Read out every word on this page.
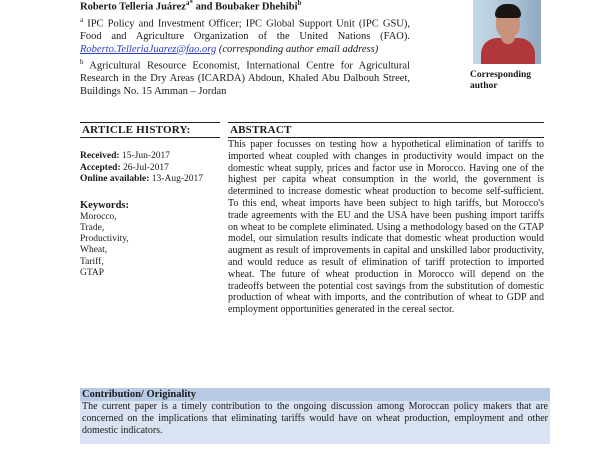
Roberto Telleria Juárez$^{a*}$ and Boubaker Dhehibi$^b$

$^a$ IPC Policy and Investment Officer; IPC Global Support Unit (IPC GSU), Food and Agriculture Organization of the United Nations (FAO). Roberto.TelleriaJuarez@fao.org (corresponding author email address)

$^b$ Agricultural Resource Economist, International Centre for Agricultural Research in the Dry Areas (ICARDA) Abdoun, Khaled Abu Dalbouh Street, Buildings No. 15 Amman – Jordan

Corresponding author
ARTICLE HISTORY:
Received: 15-Jun-2017
Accepted: 26-Jul-2017
Online available: 13-Aug-2017
Keywords:
Morocco,
Trade,
Productivity,
Wheat,
Tariff,
GTAP
ABSTRACT
This paper focusses on testing how a hypothetical elimination of tariffs to imported wheat coupled with changes in productivity would impact on the domestic wheat supply, prices and factor use in Morocco. Having one of the highest per capita wheat consumption in the world, the government is determined to increase domestic wheat production to become self-sufficient. To this end, wheat imports have been subject to high tariffs, but Morocco's trade agreements with the EU and the USA have been pushing import tariffs on wheat to be complete eliminated. Using a methodology based on the GTAP model, our simulation results indicate that domestic wheat production would augment as result of improvements in capital and unskilled labor productivity, and would reduce as result of elimination of tariff protection to imported wheat. The future of wheat production in Morocco will depend on the tradeoffs between the potential cost savings from the substitution of domestic production of wheat with imports, and the contribution of wheat to GDP and employment opportunities generated in the cereal sector.
Contribution/ Originality
The current paper is a timely contribution to the ongoing discussion among Moroccan policy makers that are concerned on the implications that eliminating tariffs would have on wheat production, employment and other domestic indicators.
